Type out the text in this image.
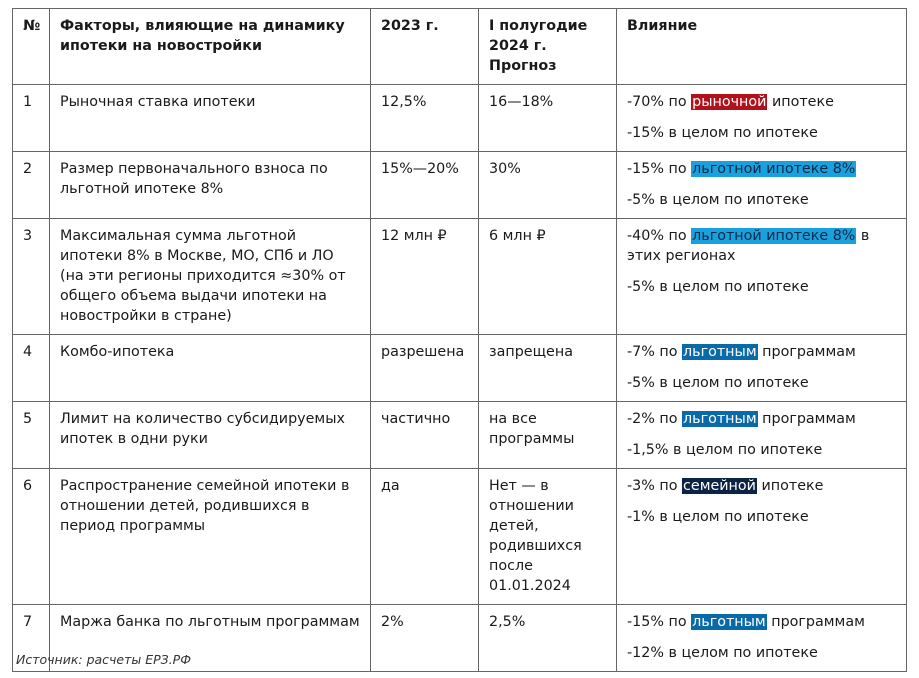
№	Факторы, влияющие на динамику ипотеки на новостройки	2023 г.	I полугодие 2024 г. Прогноз	Влияние
1	Рыночная ставка ипотеки	12,5%	16—18%	-70% по рыночной ипотеке
-15% в целом по ипотеке

2	Размер первоначального взноса по льготной ипотеке 8%	15%—20%	30%	-15% по льготной ипотеке 8%
-5% в целом по ипотеке

3	Максимальная сумма льготной ипотеки 8% в Москве, МО, СПб и ЛО (на эти регионы приходится ≈30% от общего объема выдачи ипотеки на новостройки в стране)	12 млн ₽	6 млн ₽	-40% по льготной ипотеке 8% в этих регионах
-5% в целом по ипотеке

4	Комбо-ипотека	разрешена	запрещена	-7% по льготным программам
-5% в целом по ипотеке

5	Лимит на количество субсидируемых ипотек в одни руки	частично	на все программы	-2% по льготным программам
-1,5% в целом по ипотеке

6	Распространение семейной ипотеки в отношении детей, родившихся в период программы	да	Нет — в отношении детей, родившихся после 01.01.2024	-3% по семейной ипотеке
-1% в целом по ипотеке

7	Маржа банка по льготным программам	2%	2,5%	-15% по льготным программам
-12% в целом по ипотеке
Источник: расчеты ЕРЗ.РФ
